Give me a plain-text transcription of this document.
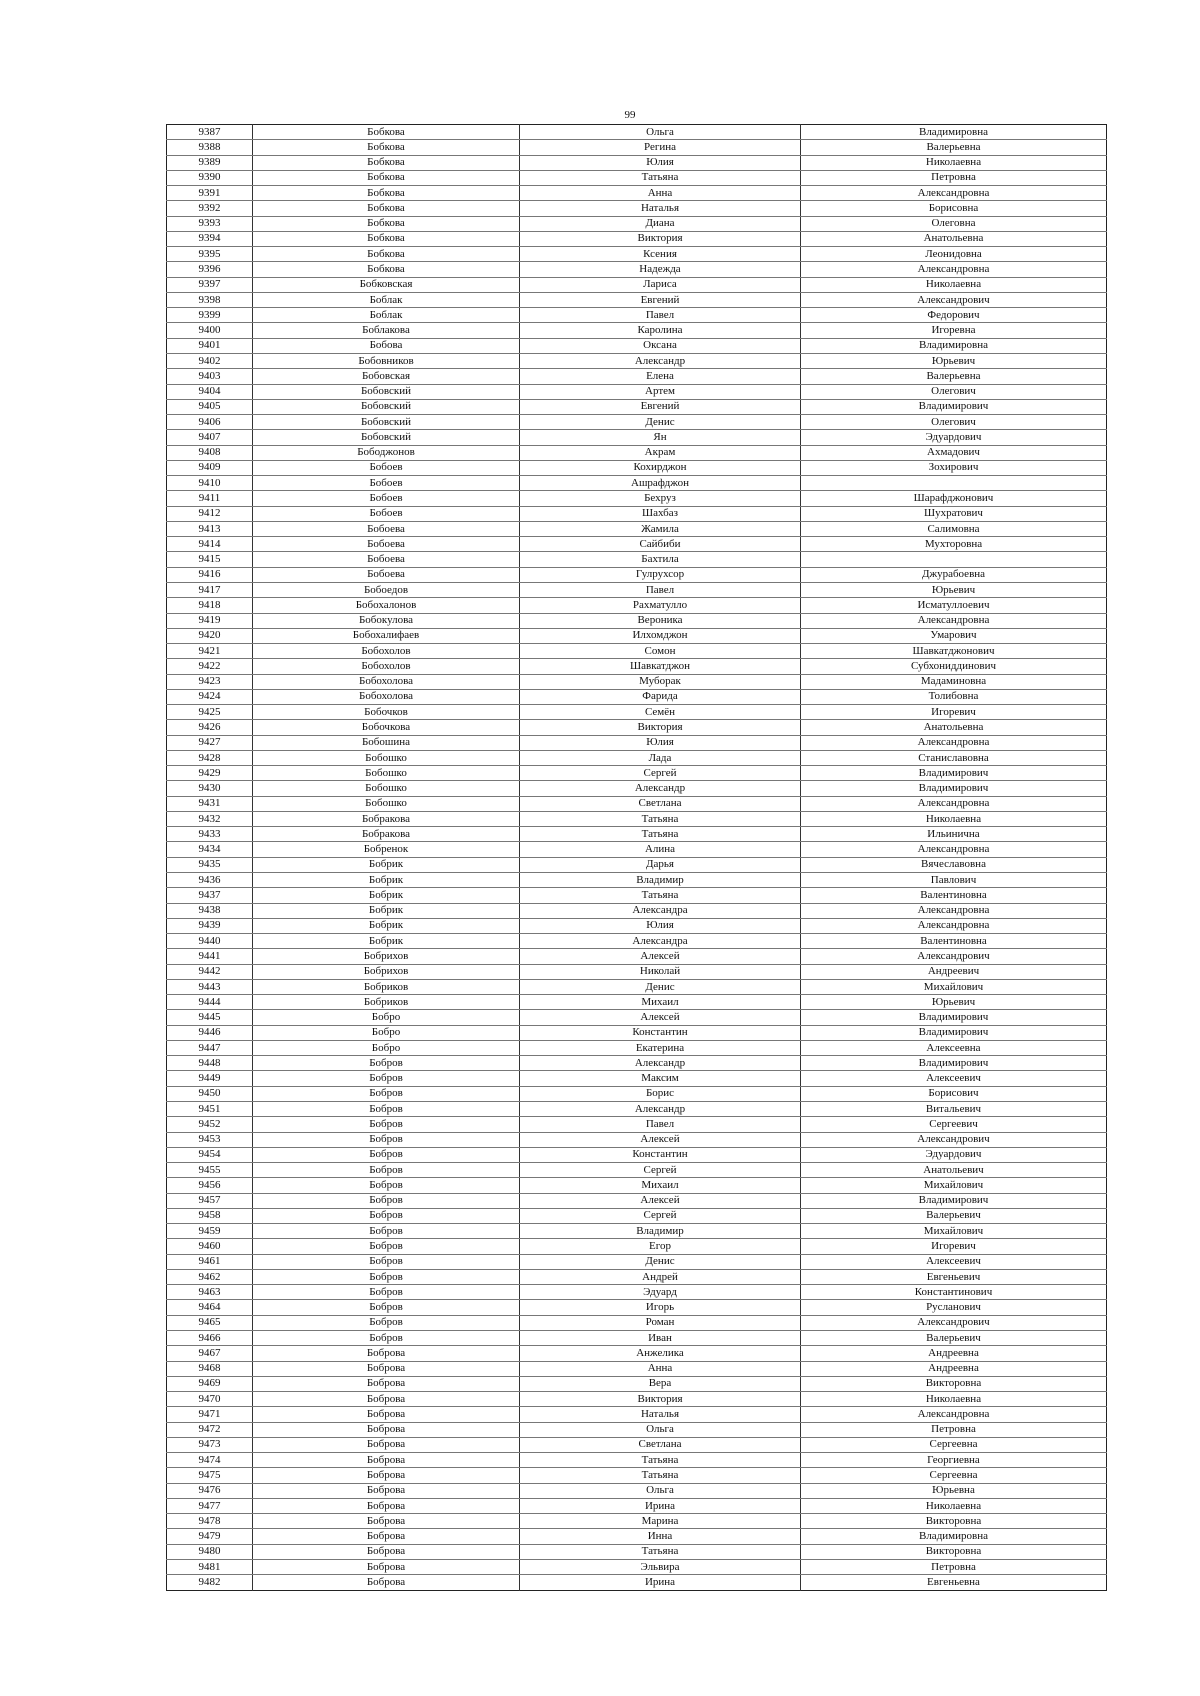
99
9387	Бобкова	Ольга	Владимировна
9388	Бобкова	Регина	Валерьевна
9389	Бобкова	Юлия	Николаевна
9390	Бобкова	Татьяна	Петровна
9391	Бобкова	Анна	Александровна
9392	Бобкова	Наталья	Борисовна
9393	Бобкова	Диана	Олеговна
9394	Бобкова	Виктория	Анатольевна
9395	Бобкова	Ксения	Леонидовна
9396	Бобкова	Надежда	Александровна
9397	Бобковская	Лариса	Николаевна
9398	Боблак	Евгений	Александрович
9399	Боблак	Павел	Федорович
9400	Боблакова	Каролина	Игоревна
9401	Бобова	Оксана	Владимировна
9402	Бобовников	Александр	Юрьевич
9403	Бобовская	Елена	Валерьевна
9404	Бобовский	Артем	Олегович
9405	Бобовский	Евгений	Владимирович
9406	Бобовский	Денис	Олегович
9407	Бобовский	Ян	Эдуардович
9408	Бободжонов	Акрам	Ахмадович
9409	Бобоев	Кохирджон	Зохирович
9410	Бобоев	Ашрафджон	
9411	Бобоев	Бехруз	Шарафджонович
9412	Бобоев	Шахбаз	Шухратович
9413	Бобоева	Жамила	Салимовна
9414	Бобоева	Сайбиби	Мухторовна
9415	Бобоева	Бахтила	
9416	Бобоева	Гулрухсор	Джурабоевна
9417	Бобоедов	Павел	Юрьевич
9418	Бобохалонов	Рахматулло	Исматуллоевич
9419	Бобокулова	Вероника	Александровна
9420	Бобохалифаев	Илхомджон	Умарович
9421	Бобохолов	Сомон	Шавкатджонович
9422	Бобохолов	Шавкатджон	Субхониддинович
9423	Бобохолова	Муборак	Мадаминовна
9424	Бобохолова	Фарида	Толибовна
9425	Бобочков	Семён	Игоревич
9426	Бобочкова	Виктория	Анатольевна
9427	Бобошина	Юлия	Александровна
9428	Бобошко	Лада	Станиславовна
9429	Бобошко	Сергей	Владимирович
9430	Бобошко	Александр	Владимирович
9431	Бобошко	Светлана	Александровна
9432	Бобракова	Татьяна	Николаевна
9433	Бобракова	Татьяна	Ильинична
9434	Бобренок	Алина	Александровна
9435	Бобрик	Дарья	Вячеславовна
9436	Бобрик	Владимир	Павлович
9437	Бобрик	Татьяна	Валентиновна
9438	Бобрик	Александра	Александровна
9439	Бобрик	Юлия	Александровна
9440	Бобрик	Александра	Валентиновна
9441	Бобрихов	Алексей	Александрович
9442	Бобрихов	Николай	Андреевич
9443	Бобриков	Денис	Михайлович
9444	Бобриков	Михаил	Юрьевич
9445	Бобро	Алексей	Владимирович
9446	Бобро	Константин	Владимирович
9447	Бобро	Екатерина	Алексеевна
9448	Бобров	Александр	Владимирович
9449	Бобров	Максим	Алексеевич
9450	Бобров	Борис	Борисович
9451	Бобров	Александр	Витальевич
9452	Бобров	Павел	Сергеевич
9453	Бобров	Алексей	Александрович
9454	Бобров	Константин	Эдуардович
9455	Бобров	Сергей	Анатольевич
9456	Бобров	Михаил	Михайлович
9457	Бобров	Алексей	Владимирович
9458	Бобров	Сергей	Валерьевич
9459	Бобров	Владимир	Михайлович
9460	Бобров	Егор	Игоревич
9461	Бобров	Денис	Алексеевич
9462	Бобров	Андрей	Евгеньевич
9463	Бобров	Эдуард	Константинович
9464	Бобров	Игорь	Русланович
9465	Бобров	Роман	Александрович
9466	Бобров	Иван	Валерьевич
9467	Боброва	Анжелика	Андреевна
9468	Боброва	Анна	Андреевна
9469	Боброва	Вера	Викторовна
9470	Боброва	Виктория	Николаевна
9471	Боброва	Наталья	Александровна
9472	Боброва	Ольга	Петровна
9473	Боброва	Светлана	Сергеевна
9474	Боброва	Татьяна	Георгиевна
9475	Боброва	Татьяна	Сергеевна
9476	Боброва	Ольга	Юрьевна
9477	Боброва	Ирина	Николаевна
9478	Боброва	Марина	Викторовна
9479	Боброва	Инна	Владимировна
9480	Боброва	Татьяна	Викторовна
9481	Боброва	Эльвира	Петровна
9482	Боброва	Ирина	Евгеньевна
